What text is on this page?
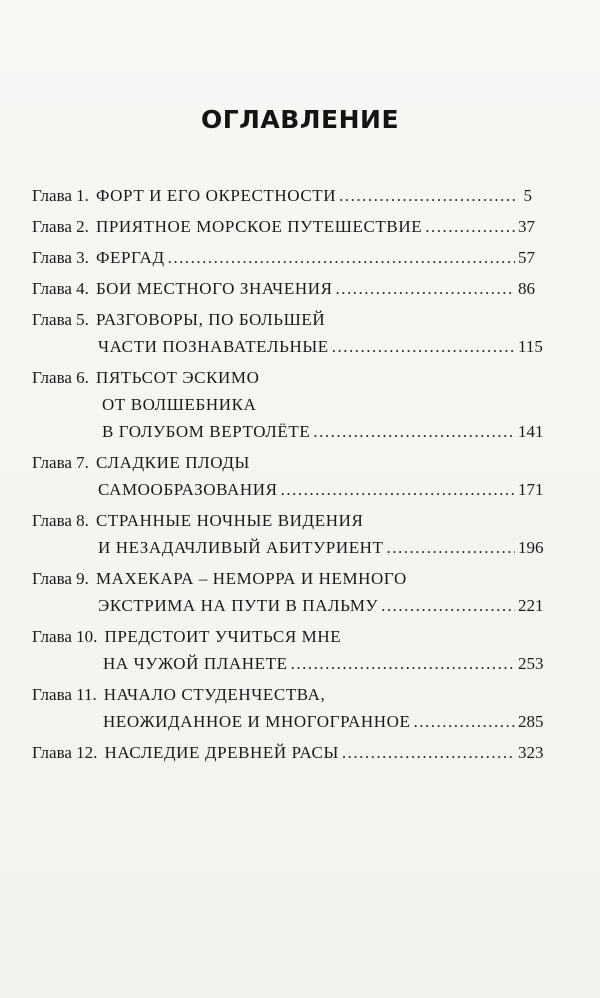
ОГЛАВЛЕНИЕ
Глава 1. ФОРТ И ЕГО ОКРЕСТНОСТИ .....	5
Глава 2. ПРИЯТНОЕ МОРСКОЕ ПУТЕШЕСТВИЕ .....	37
Глава 3. ФЕРГАД .....	57
Глава 4. БОИ МЕСТНОГО ЗНАЧЕНИЯ .....	86
Глава 5. РАЗГОВОРЫ, ПО БОЛЬШЕЙ
ЧАСТИ ПОЗНАВАТЕЛЬНЫЕ .....	115
Глава 6. ПЯТЬСОТ ЭСКИМО
ОТ ВОЛШЕБНИКА
В ГОЛУБОМ ВЕРТОЛЁТЕ .....	141
Глава 7. СЛАДКИЕ ПЛОДЫ
САМООБРАЗОВАНИЯ .....	171
Глава 8. СТРАННЫЕ НОЧНЫЕ ВИДЕНИЯ
И НЕЗАДАЧЛИВЫЙ АБИТУРИЕНТ .....	196
Глава 9. МАХЕКАРА – НЕМОРРА И НЕМНОГО
ЭКСТРИМА НА ПУТИ В ПАЛЬМУ .....	221
Глава 10. ПРЕДСТОИТ УЧИТЬСЯ МНЕ
НА ЧУЖОЙ ПЛАНЕТЕ .....	253
Глава 11. НАЧАЛО СТУДЕНЧЕСТВА,
НЕОЖИДАННОЕ И МНОГОГРАННОЕ .....	285
Глава 12. НАСЛЕДИЕ ДРЕВНЕЙ РАСЫ .....	323
